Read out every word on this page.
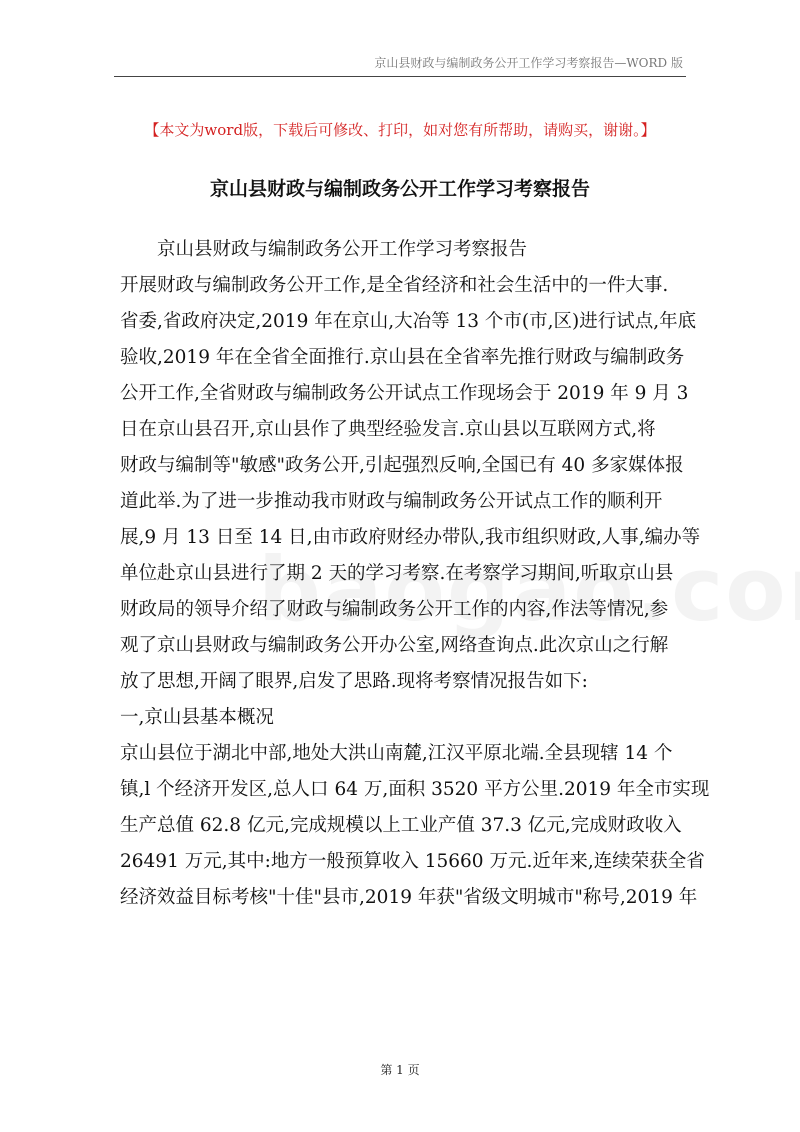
京山县财政与编制政务公开工作学习考察报告—WORD 版
【本文为word版，下载后可修改、打印，如对您有所帮助，请购买，谢谢。】
京山县财政与编制政务公开工作学习考察报告
京山县财政与编制政务公开工作学习考察报告
开展财政与编制政务公开工作,是全省经济和社会生活中的一件大事.
省委,省政府决定,2019 年在京山,大冶等 13 个市(市,区)进行试点,年底
验收,2019 年在全省全面推行.京山县在全省率先推行财政与编制政务
公开工作,全省财政与编制政务公开试点工作现场会于 2019 年 9 月 3
日在京山县召开,京山县作了典型经验发言.京山县以互联网方式,将
财政与编制等"敏感"政务公开,引起强烈反响,全国已有 40 多家媒体报
道此举.为了进一步推动我市财政与编制政务公开试点工作的顺利开
展,9 月 13 日至 14 日,由市政府财经办带队,我市组织财政,人事,编办等
单位赴京山县进行了期 2 天的学习考察.在考察学习期间,听取京山县
财政局的领导介绍了财政与编制政务公开工作的内容,作法等情况,参
观了京山县财政与编制政务公开办公室,网络查询点.此次京山之行解
放了思想,开阔了眼界,启发了思路.现将考察情况报告如下:
一,京山县基本概况
京山县位于湖北中部,地处大洪山南麓,江汉平原北端.全县现辖 14 个
镇,l 个经济开发区,总人口 64 万,面积 3520 平方公里.2019 年全市实现
生产总值 62.8 亿元,完成规模以上工业产值 37.3 亿元,完成财政收入
26491 万元,其中:地方一般预算收入 15660 万元.近年来,连续荣获全省
经济效益目标考核"十佳"县市,2019 年获"省级文明城市"称号,2019 年
第 1 页
